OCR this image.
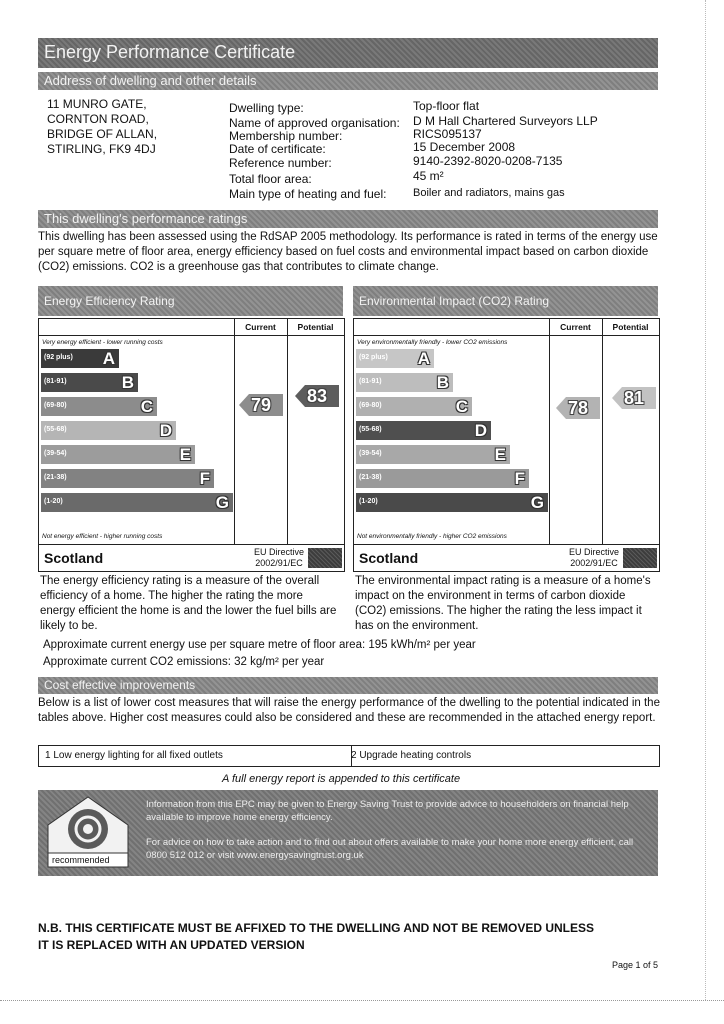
Energy Performance Certificate
Address of dwelling and other details
11 MUNRO GATE,
CORNTON ROAD,
BRIDGE OF ALLAN,
STIRLING, FK9 4DJ
Dwelling type:	Top-floor flat
Name of approved organisation: D M Hall Chartered Surveyors LLP
Membership number:	RICS095137
Date of certificate:	15 December 2008
Reference number:	9140-2392-8020-0208-7135
Total floor area:	45 m²
Main type of heating and fuel: Boiler and radiators, mains gas
This dwelling's performance ratings
This dwelling has been assessed using the RdSAP 2005 methodology. Its performance is rated in terms of the energy use per square metre of floor area, energy efficiency based on fuel costs and environmental impact based on carbon dioxide (CO2) emissions. CO2 is a greenhouse gas that contributes to climate change.
Energy Efficiency Rating
Current	Potential
Very energy efficient - lower running costs
Not energy efficient - higher running costs
(92 plus) A
(81-91)	B
(69-80)	C
(55-68)	D
(39-54)	E
(21-38)	F
(1-20)	G
79 83
Scotland	EU Directive
2002/91/EC
The energy efficiency rating is a measure of the overall efficiency of a home. The higher the rating the more energy efficient the home is and the lower the fuel bills are likely to be.
Environmental Impact (CO2) Rating
Current	Potential
Very environmentally friendly - lower CO2 emissions
Not environmentally friendly - higher CO2 emissions
(92 plus) A
(81-91)	B
(69-80)	C
(55-68)	D
(39-54)	E
(21-38)	F
(1-20)	G
78 81
Scotland	EU Directive
2002/91/EC
The environmental impact rating is a measure of a home's impact on the environment in terms of carbon dioxide (CO2) emissions. The higher the rating the less impact it has on the environment.
Approximate current energy use per square metre of floor area: 195 kWh/m² per year
Approximate current CO2 emissions: 32 kg/m² per year
Cost effective improvements
Below is a list of lower cost measures that will raise the energy performance of the dwelling to the potential indicated in the tables above. Higher cost measures could also be considered and these are recommended in the attached energy report.
1 Low energy lighting for all fixed outlets	2 Upgrade heating controls
A full energy report is appended to this certificate
recommended
Information from this EPC may be given to Energy Saving Trust to provide advice to householders on financial help available to improve home energy efficiency.
For advice on how to take action and to find out about offers available to make your home more energy efficient, call 0800 512 012 or visit www.energysavingtrust.org.uk
N.B. THIS CERTIFICATE MUST BE AFFIXED TO THE DWELLING AND NOT BE REMOVED UNLESS
IT IS REPLACED WITH AN UPDATED VERSION
Page 1 of 5
